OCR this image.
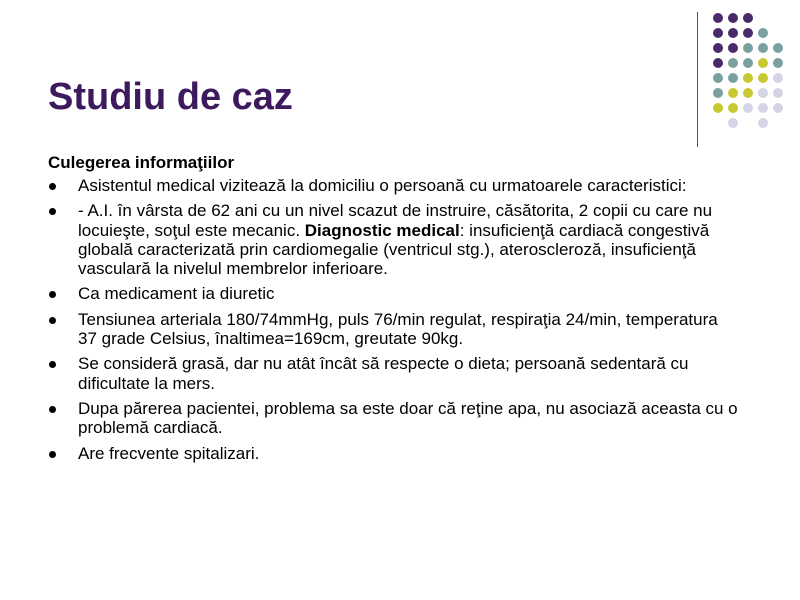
Studiu de caz
Culegerea informaţiilor
Asistentul medical vizitează la domiciliu o persoană cu urmatoarele caracteristici:
- A.I. în vârsta de 62 ani cu un nivel scazut de instruire, căsătorita, 2 copii cu care nu locuieşte, soţul este mecanic. Diagnostic medical: insuficienţă cardiacă congestivă globală caracterizată prin cardiomegalie (ventricul stg.), ateroscleroză, insuficienţă vasculară la nivelul membrelor inferioare.
Ca medicament ia diuretic
Tensiunea arteriala 180/74mmHg, puls 76/min regulat, respiraţia 24/min, temperatura 37 grade Celsius, înaltimea=169cm, greutate 90kg.
Se consideră grasă, dar nu atât încât să respecte o dieta; persoană sedentară cu dificultate la mers.
Dupa părerea pacientei, problema sa este doar că reţine apa, nu asociază aceasta cu o problemă cardiacă.
Are frecvente spitalizari.
